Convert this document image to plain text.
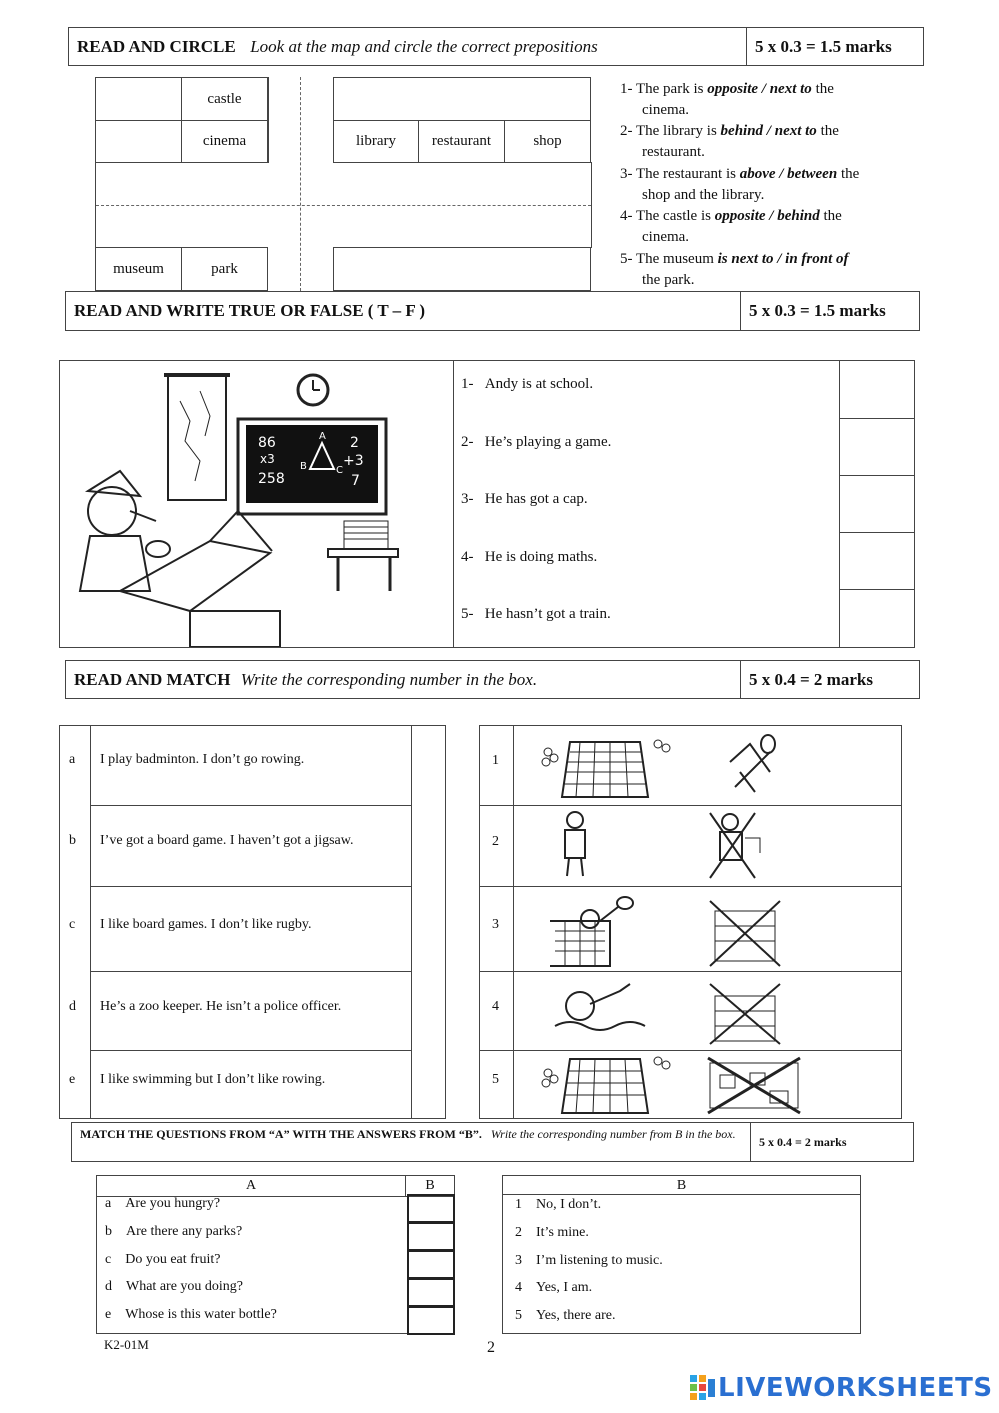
READ AND CIRCLE
Look at the map and circle the correct prepositions	5 x 0.3 = 1.5 marks
castle
cinema	library restaurant	shop
museum	park
1- The park is opposite / next to the
cinema.
2- The library is behind / next to the
restaurant.
3- The restaurant is above / between the
shop and the library.
4- The castle is opposite / behind the
cinema.
5- The museum is next to / in front of
the park.
READ AND WRITE TRUE OR FALSE ( T – F )	5 x 0.3 = 1.5 marks
86
x3
258
A
B	C
2
+3
7
1- Andy is at school.
2- He’s playing a game.
3- He has got a cap.
4- He is doing maths.
5- He hasn’t got a train.
READ AND MATCH
Write the corresponding number in the box.	5 x 0.4 = 2 marks
a I play badminton. I don’t go rowing.
b I’ve got a board game. I haven’t got a jigsaw.
c I like board games. I don’t like rugby.
d He’s a zoo keeper. He isn’t a police officer.
e I like swimming but I don’t like rowing.
1
2
3
4
5
MATCH THE QUESTIONS FROM “A” WITH THE ANSWERS FROM “B”. Write the corresponding number from B in the box.
5 x 0.4 = 2 marks
A	B
a Are you hungry?
b Are there any parks?
c Do you eat fruit?
d What are you doing?
e Whose is this water bottle?
B
1 No, I don’t.
2 It’s mine.
3 I’m listening to music.
4 Yes, I am.
5 Yes, there are.
K2-01M	2
LIVEWORKSHEETS
